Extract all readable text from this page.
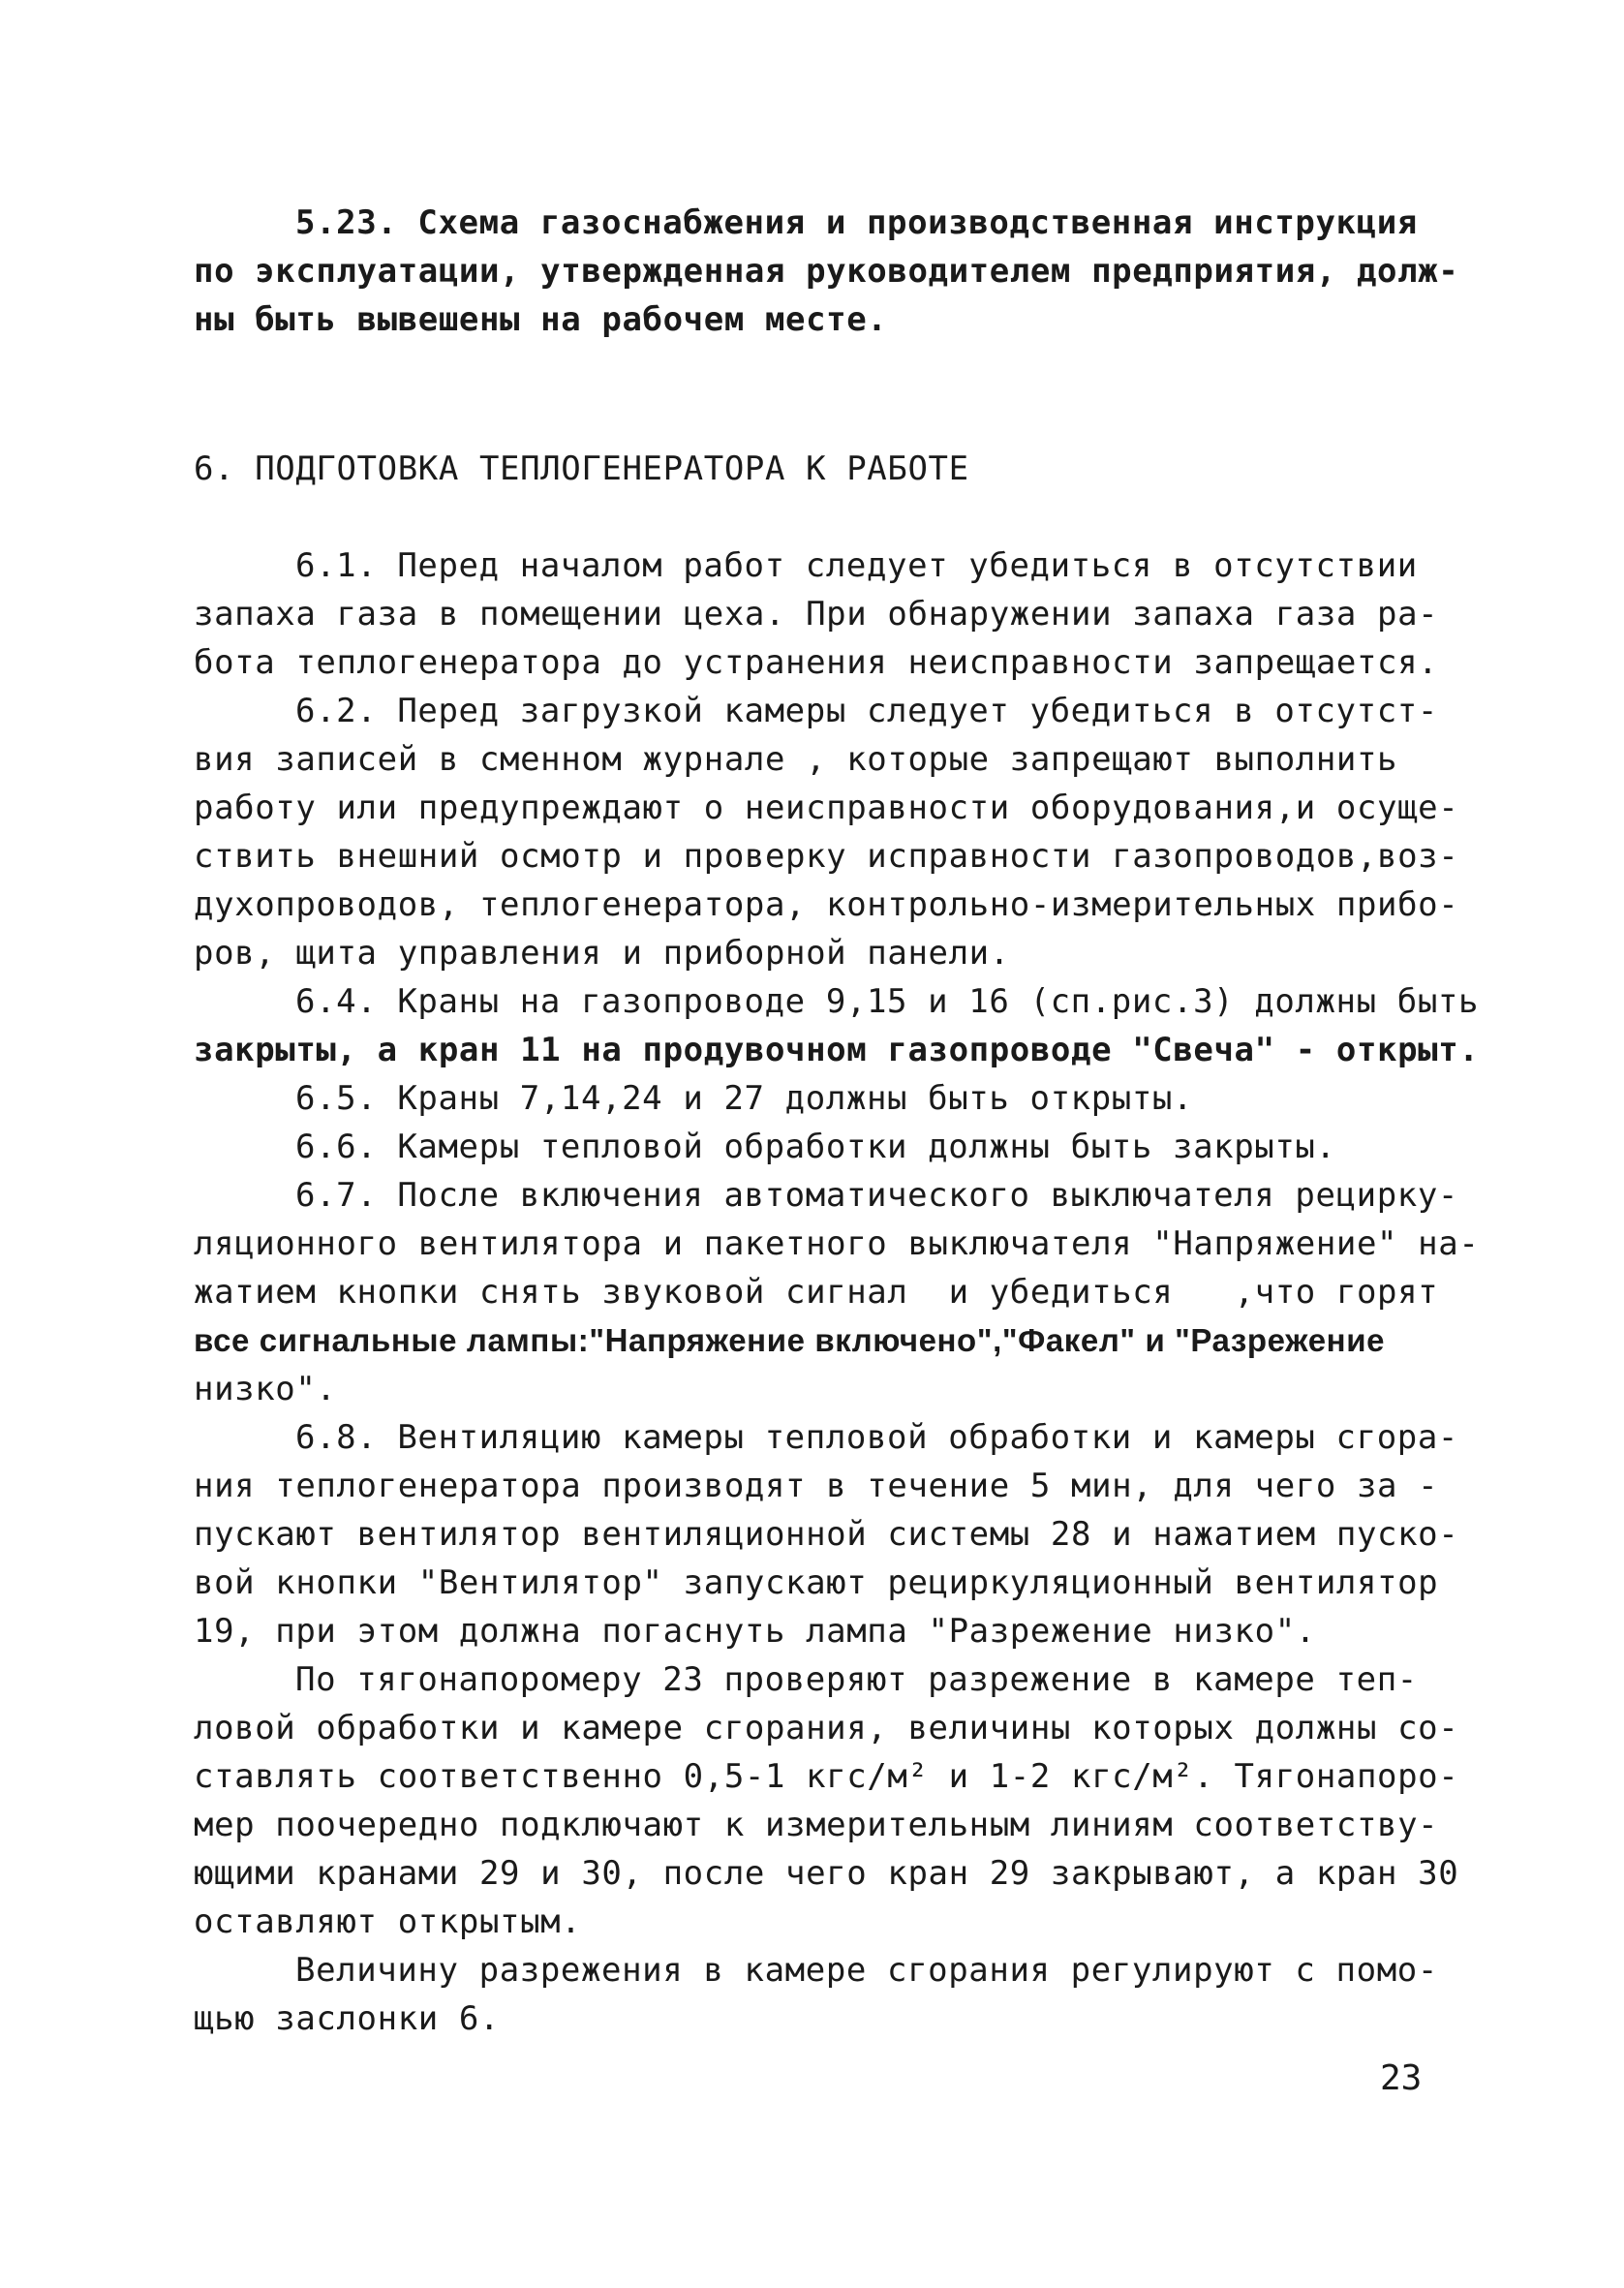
5.23. Схема газоснабжения и производственная инструкция
по эксплуатации, утвержденная руководителем предприятия, долж-
ны быть вывешены на рабочем месте.
6. ПОДГОТОВКА ТЕПЛОГЕНЕРАТОРА К РАБОТЕ
6.1. Перед началом работ следует убедиться в отсутствии
запаха газа в помещении цеха. При обнаружении запаха газа ра-
бота теплогенератора до устранения неисправности запрещается.
6.2. Перед загрузкой камеры следует убедиться в отсутст-
вия записей в сменном журнале , которые запрещают выполнить
работу или предупреждают о неисправности оборудования,и осуще-
ствить внешний осмотр и проверку исправности газопроводов,воз-
духопроводов, теплогенератора, контрольно-измерительных прибо-
ров, щита управления и приборной панели.
6.4. Краны на газопроводе 9,15 и 16 (сп.рис.3) должны быть
закрыты, а кран 11 на продувочном газопроводе "Свеча" - открыт.
6.5. Краны 7,14,24 и 27 должны быть открыты.
6.6. Камеры тепловой обработки должны быть закрыты.
6.7. После включения автоматического выключателя рециркy-
ляционного вентилятора и пакетного выключателя "Напряжение" на-
жатием кнопки снять звуковой сигнал  и убедиться   ,что горят
все сигнальные лампы:"Напряжение включено","Факел" и "Разрежение
низко".
6.8. Вентиляцию камеры тепловой обработки и камеры сгора-
ния теплогенератора производят в течение 5 мин, для чего за -
пускают вентилятор вентиляционной системы 28 и нажатием пуско-
вой кнопки "Вентилятор" запускают рециркуляционный вентилятор
19, при этом должна погаснуть лампа "Разрежение низко".
По тягонапоромеру 23 проверяют разрежение в камере теп-
ловой обработки и камере сгорания, величины которых должны со-
ставлять соответственно 0,5-1 кгс/м² и 1-2 кгс/м². Тягонапоро-
мер поочередно подключают к измерительным линиям соответству-
ющими кранами 29 и 30, после чего кран 29 закрывают, а кран 30
оставляют открытым.
Величину разрежения в камере сгорания регулируют с помо-
щью заслонки 6.
23
